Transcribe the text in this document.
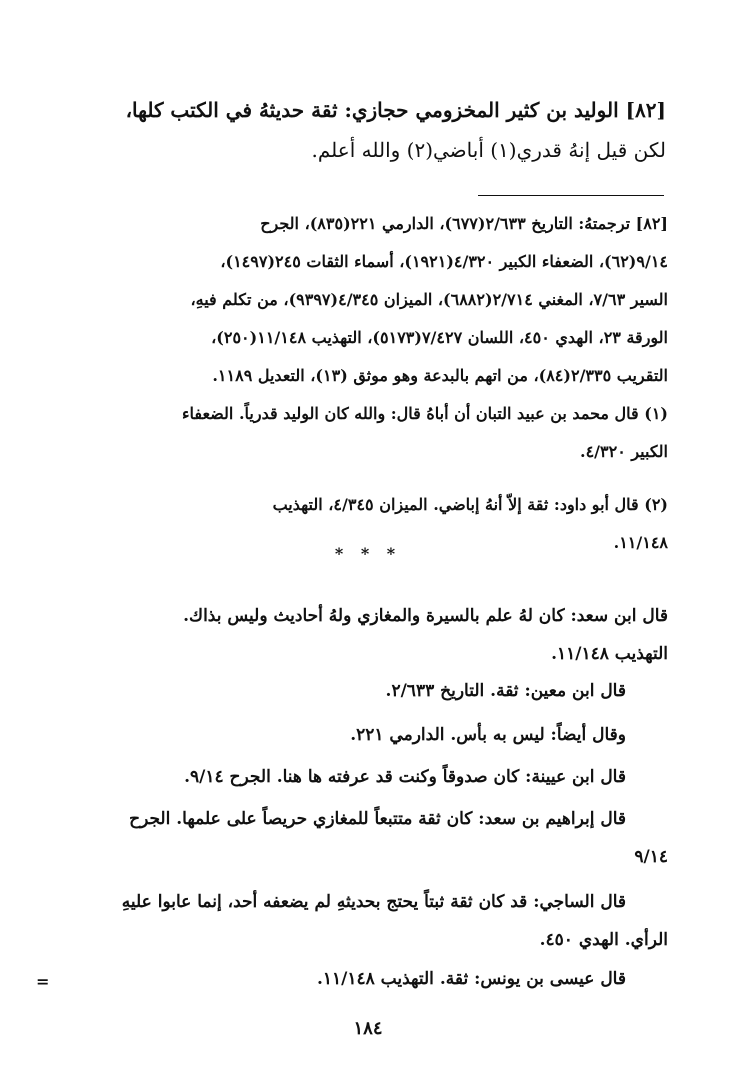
[٨٢] الوليد بن كثير المخزومي حجازي: ثقة حديثهُ في الكتب كلها،
لكن قيل إنهُ قدري(١) أباضي(٢) والله أعلم.
[٨٢] ترجمتهُ: التاريخ ٢/٦٣٣(٦٧٧)، الدارمي ٢٢١(٨٣٥)، الجرح
٩/١٤(٦٢)، الضعفاء الكبير ٤/٣٢٠(١٩٢١)، أسماء الثقات ٢٤٥(١٤٩٧)،
السير ٧/٦٣، المغني ٢/٧١٤(٦٨٨٢)، الميزان ٤/٣٤٥(٩٣٩٧)، من تكلم فيهِ،
الورقة ٢٣، الهدي ٤٥٠، اللسان ٧/٤٢٧(٥١٧٣)، التهذيب ١١/١٤٨(٢٥٠)،
التقريب ٢/٣٣٥(٨٤)، من اتهم بالبدعة وهو موثق (١٣)، التعديل ١١٨٩.
(١) قال محمد بن عبيد التبان أن أباهُ قال: والله كان الوليد قدرياً. الضعفاء
الكبير ٤/٣٢٠.
(٢) قال أبو داود: ثقة إلاّ أنهُ إباضي. الميزان ٤/٣٤٥، التهذيب
١١/١٤٨.
* * *
قال ابن سعد: كان لهُ علم بالسيرة والمغازي ولهُ أحاديث وليس بذاك.
التهذيب ١١/١٤٨.
قال ابن معين: ثقة. التاريخ ٢/٦٣٣.
وقال أيضاً: ليس به بأس. الدارمي ٢٢١.
قال ابن عيينة: كان صدوقاً وكنت قد عرفته ها هنا. الجرح ٩/١٤.
قال إبراهيم بن سعد: كان ثقة متتبعاً للمغازي حريصاً على علمها. الجرح
٩/١٤
قال الساجي: قد كان ثقة ثبتاً يحتج بحديثهِ لم يضعفه أحد، إنما عابوا عليهِ
الرأي. الهدي ٤٥٠.
قال عيسى بن يونس: ثقة. التهذيب ١١/١٤٨.
=
١٨٤
